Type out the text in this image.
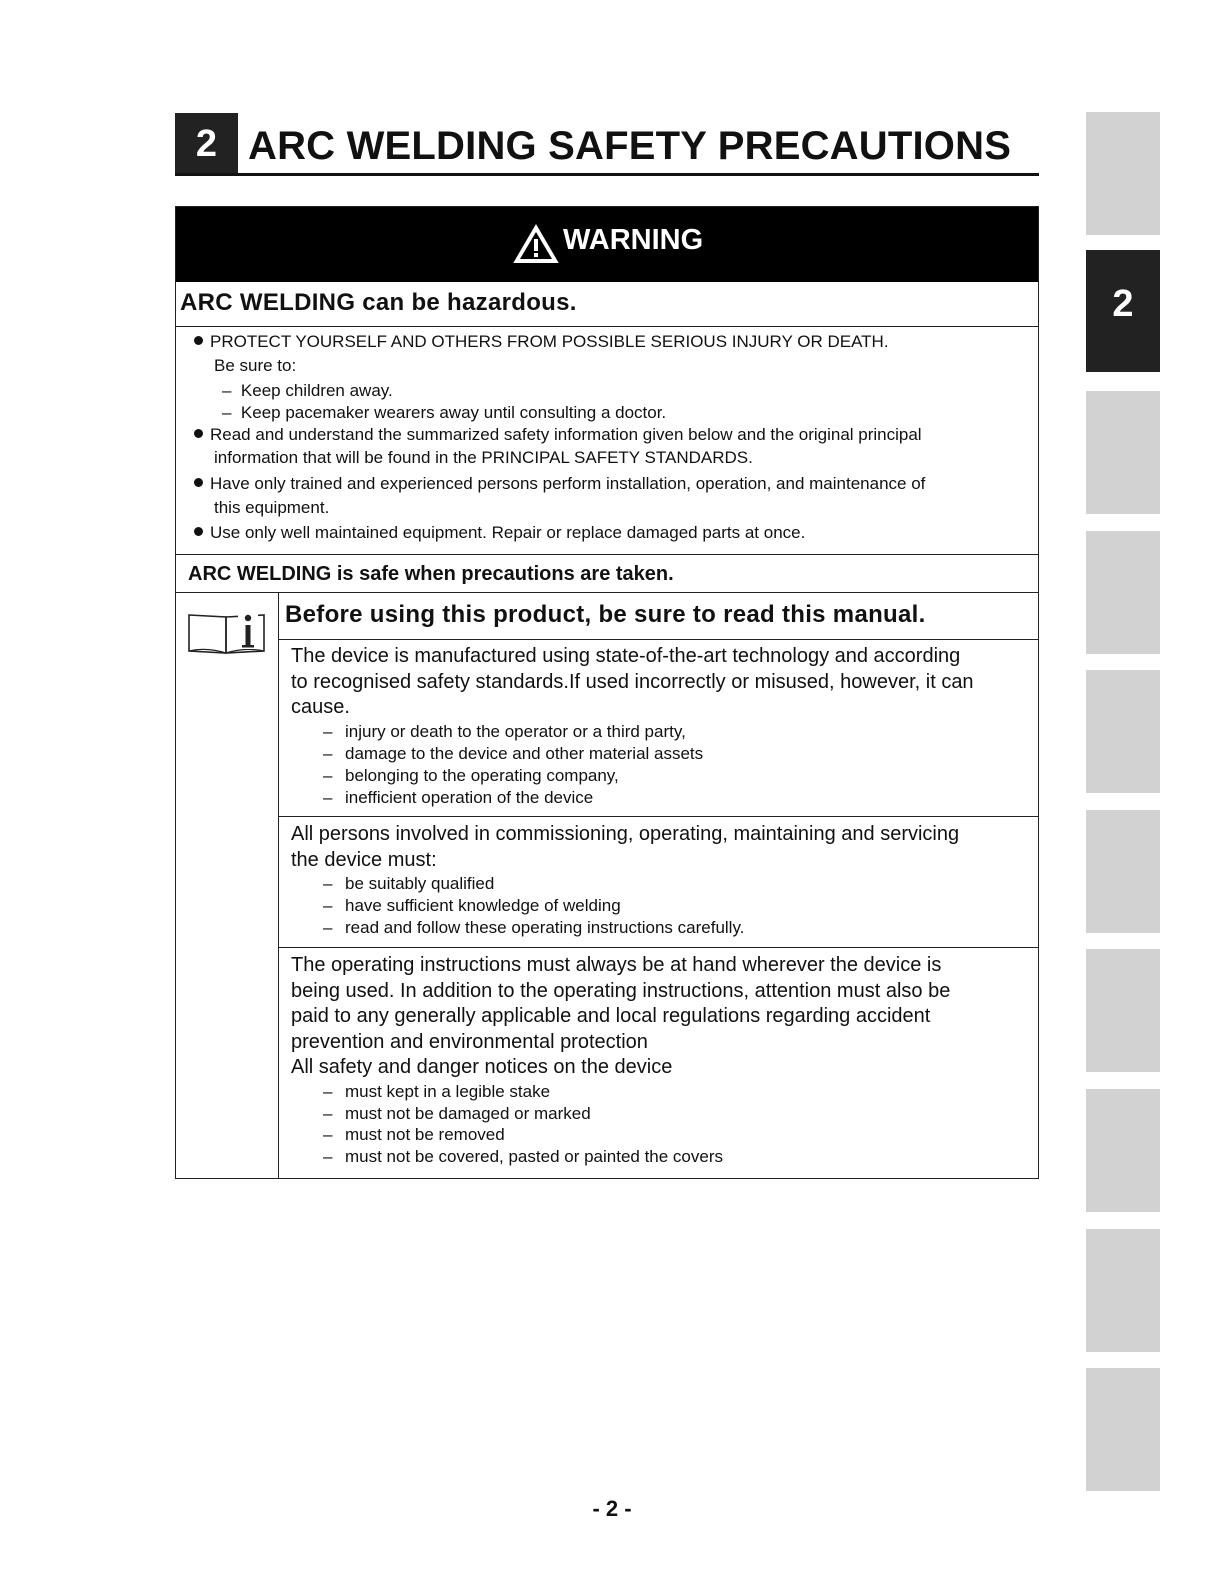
2 ARC WELDING SAFETY PRECAUTIONS
WARNING
ARC WELDING can be hazardous.
PROTECT YOURSELF AND OTHERS FROM POSSIBLE SERIOUS INJURY OR DEATH.
Be sure to:
– Keep children away.
– Keep pacemaker wearers away until consulting a doctor.
Read and understand the summarized safety information given below and the original principal
information that will be found in the PRINCIPAL SAFETY STANDARDS.
Have only trained and experienced persons perform installation, operation, and maintenance of
this equipment.
Use only well maintained equipment. Repair or replace damaged parts at once.
ARC WELDING is safe when precautions are taken.
Before using this product, be sure to read this manual.
The device is manufactured using state-of-the-art technology and according
to recognised safety standards.If used incorrectly or misused, however, it can
cause.
– injury or death to the operator or a third party,
– damage to the device and other material assets
– belonging to the operating company,
– inefficient operation of the device
All persons involved in commissioning, operating, maintaining and servicing
the device must:
– be suitably qualified
– have sufficient knowledge of welding
– read and follow these operating instructions carefully.
The operating instructions must always be at hand wherever the device is
being used. In addition to the operating instructions, attention must also be
paid to any generally applicable and local regulations regarding accident
prevention and environmental protection
All safety and danger notices on the device
– must kept in a legible stake
– must not be damaged or marked
– must not be removed
– must not be covered, pasted or painted the covers
2
- 2 -
